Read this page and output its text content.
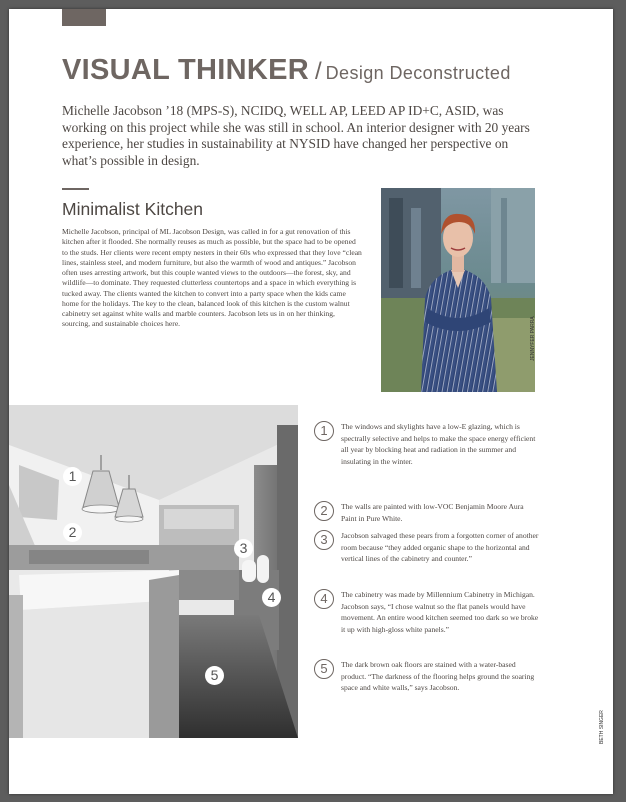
VISUAL THINKER / Design Deconstructed
Michelle Jacobson ’18 (MPS-S), NCIDQ, WELL AP, LEED AP ID+C, ASID, was working on this project while she was still in school. An interior designer with 20 years experience, her studies in sustainability at NYSID have changed her perspective on what’s possible in design.
Minimalist Kitchen
Michelle Jacobson, principal of ML Jacobson Design, was called in for a gut renovation of this kitchen after it flooded. She normally reuses as much as possible, but the space had to be opened to the studs. Her clients were recent empty nesters in their 60s who expressed that they love “clean lines, stainless steel, and modern furniture, but also the warmth of wood and antiques.” Jacobson often uses arresting artwork, but this couple wanted views to the outdoors—the forest, sky, and wildlife—to dominate. They requested clutterless countertops and a space in which everything is tucked away. The clients wanted the kitchen to convert into a party space when the kids came home for the holidays. The key to the clean, balanced look of this kitchen is the custom walnut cabinetry set against white walls and marble counters. Jacobson lets us in on her thinking, sourcing, and sustainable choices here.	JENNYFER PARRA
1
2
3
4
5
1	The windows and skylights have a low-E glazing, which is spectrally selective and helps to make the space energy efficient all year by blocking heat and radiation in the summer and insulating in the winter.
2	The walls are painted with low-VOC Benjamin Moore Aura Paint in Pure White.
3	Jacobson salvaged these pears from a forgotten corner of another room because “they added organic shape to the horizontal and vertical lines of the cabinetry and counter.”
4	The cabinetry was made by Millennium Cabinetry in Michigan. Jacobson says, “I chose walnut so the flat panels would have movement. An entire wood kitchen seemed too dark so we broke it up with high-gloss white panels.”
5	The dark brown oak floors are stained with a water-based product. “The darkness of the flooring helps ground the soaring space and white walls,” says Jacobson.
BETH SINGER
